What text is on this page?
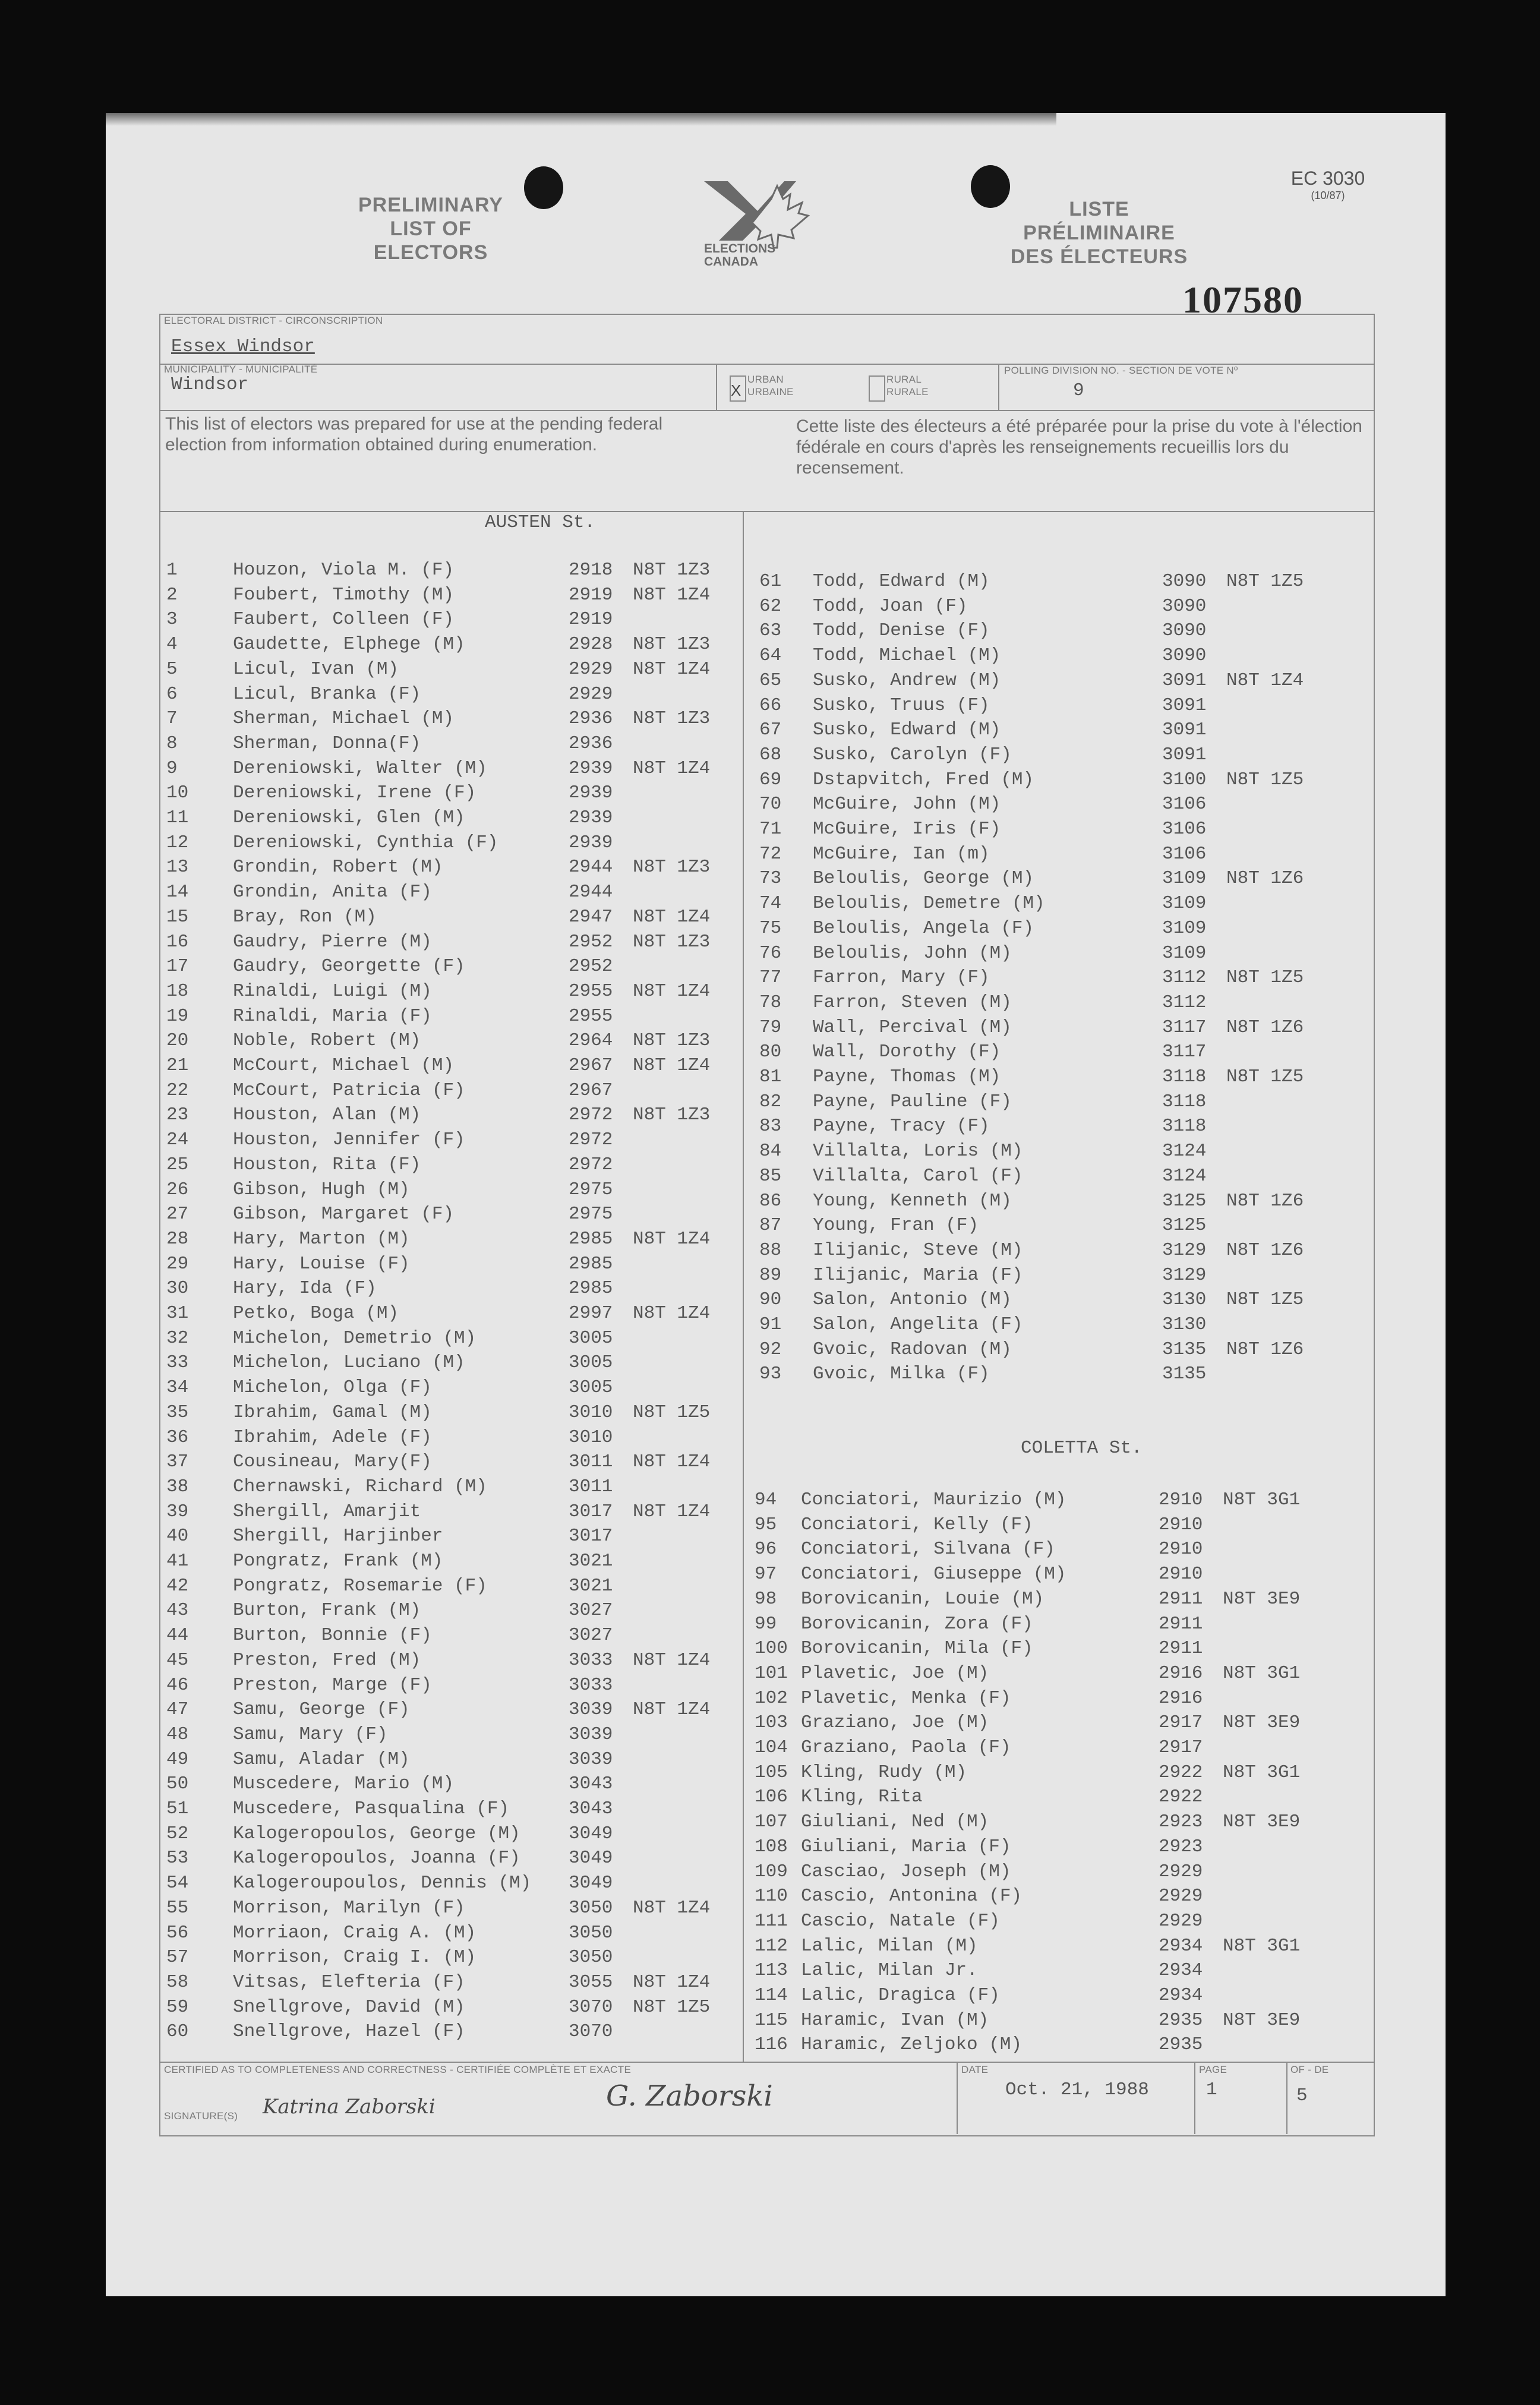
PRELIMINARY
LIST OF
ELECTORS
LISTE
PRÉLIMINAIRE
DES ÉLECTEURS
ELECTIONS
CANADA
EC 3030
(10/87)
107580
ELECTORAL DISTRICT - CIRCONSCRIPTION
Essex Windsor
MUNICIPALITY - MUNICIPALITÉ
Windsor	X
URBAN
URBAINE
RURAL
RURALE
POLLING DIVISION NO. - SECTION DE VOTE Nº
9
This list of electors was prepared for use at the pending federal election from information obtained during enumeration.
Cette liste des électeurs a été préparée pour la prise du vote à l'élection fédérale en cours d'après les renseignements recueillis lors du recensement.
AUSTEN St.
COLETTA St.
1	Houzon, Viola M. (F)	2918 N8T 1Z3
2	Foubert, Timothy (M)	2919 N8T 1Z4
3	Faubert, Colleen (F)	2919
4	Gaudette, Elphege (M)	2928 N8T 1Z3
5	Licul, Ivan (M)	2929 N8T 1Z4
6	Licul, Branka (F)	2929
7	Sherman, Michael (M)	2936 N8T 1Z3
8	Sherman, Donna(F)	2936
9	Dereniowski, Walter (M)	2939 N8T 1Z4
10 Dereniowski, Irene (F)	2939
11 Dereniowski, Glen (M)	2939
12 Dereniowski, Cynthia (F)	2939
13 Grondin, Robert (M)	2944 N8T 1Z3
14 Grondin, Anita (F)	2944
15 Bray, Ron (M)	2947 N8T 1Z4
16 Gaudry, Pierre (M)	2952 N8T 1Z3
17 Gaudry, Georgette (F)	2952
18 Rinaldi, Luigi (M)	2955 N8T 1Z4
19 Rinaldi, Maria (F)	2955
20 Noble, Robert (M)	2964 N8T 1Z3
21 McCourt, Michael (M)	2967 N8T 1Z4
22 McCourt, Patricia (F)	2967
23 Houston, Alan (M)	2972 N8T 1Z3
24 Houston, Jennifer (F)	2972
25 Houston, Rita (F)	2972
26 Gibson, Hugh (M)	2975
27 Gibson, Margaret (F)	2975
28 Hary, Marton (M)	2985 N8T 1Z4
29 Hary, Louise (F)	2985
30 Hary, Ida (F)	2985
31 Petko, Boga (M)	2997 N8T 1Z4
32 Michelon, Demetrio (M)	3005
33 Michelon, Luciano (M)	3005
34 Michelon, Olga (F)	3005
35 Ibrahim, Gamal (M)	3010 N8T 1Z5
36 Ibrahim, Adele (F)	3010
37 Cousineau, Mary(F)	3011 N8T 1Z4
38 Chernawski, Richard (M)	3011
39 Shergill, Amarjit	3017 N8T 1Z4
40 Shergill, Harjinber	3017
41 Pongratz, Frank (M)	3021
42 Pongratz, Rosemarie (F)	3021
43 Burton, Frank (M)	3027
44 Burton, Bonnie (F)	3027
45 Preston, Fred (M)	3033 N8T 1Z4
46 Preston, Marge (F)	3033
47 Samu, George (F)	3039 N8T 1Z4
48 Samu, Mary (F)	3039
49 Samu, Aladar (M)	3039
50 Muscedere, Mario (M)	3043
51 Muscedere, Pasqualina (F)	3043
52 Kalogeropoulos, George (M)	3049
53 Kalogeropoulos, Joanna (F)	3049
54 Kalogeroupoulos, Dennis (M) 3049
55 Morrison, Marilyn (F)	3050 N8T 1Z4
56 Morriaon, Craig A. (M)	3050
57 Morrison, Craig I. (M)	3050
58 Vitsas, Elefteria (F)	3055 N8T 1Z4
59 Snellgrove, David (M)	3070 N8T 1Z5
60 Snellgrove, Hazel (F)	3070
61 Todd, Edward (M)	3090 N8T 1Z5
62 Todd, Joan (F)	3090
63 Todd, Denise (F)	3090
64 Todd, Michael (M)	3090
65 Susko, Andrew (M)	3091 N8T 1Z4
66 Susko, Truus (F)	3091
67 Susko, Edward (M)	3091
68 Susko, Carolyn (F)	3091
69 Dstapvitch, Fred (M)	3100 N8T 1Z5
70 McGuire, John (M)	3106
71 McGuire, Iris (F)	3106
72 McGuire, Ian (m)	3106
73 Beloulis, George (M)	3109 N8T 1Z6
74 Beloulis, Demetre (M)	3109
75 Beloulis, Angela (F)	3109
76 Beloulis, John (M)	3109
77 Farron, Mary (F)	3112 N8T 1Z5
78 Farron, Steven (M)	3112
79 Wall, Percival (M)	3117 N8T 1Z6
80 Wall, Dorothy (F)	3117
81 Payne, Thomas (M)	3118 N8T 1Z5
82 Payne, Pauline (F)	3118
83 Payne, Tracy (F)	3118
84 Villalta, Loris (M)	3124
85 Villalta, Carol (F)	3124
86 Young, Kenneth (M)	3125 N8T 1Z6
87 Young, Fran (F)	3125
88 Ilijanic, Steve (M)	3129 N8T 1Z6
89 Ilijanic, Maria (F)	3129
90 Salon, Antonio (M)	3130 N8T 1Z5
91 Salon, Angelita (F)	3130
92 Gvoic, Radovan (M)	3135 N8T 1Z6
93 Gvoic, Milka (F)	3135
94 Conciatori, Maurizio (M)	2910 N8T 3G1
95 Conciatori, Kelly (F)	2910
96 Conciatori, Silvana (F)	2910
97 Conciatori, Giuseppe (M)	2910
98 Borovicanin, Louie (M)	2911 N8T 3E9
99 Borovicanin, Zora (F)	2911
100 Borovicanin, Mila (F)	2911
101 Plavetic, Joe (M)	2916 N8T 3G1
102 Plavetic, Menka (F)	2916
103 Graziano, Joe (M)	2917 N8T 3E9
104 Graziano, Paola (F)	2917
105 Kling, Rudy (M)	2922 N8T 3G1
106 Kling, Rita	2922
107 Giuliani, Ned (M)	2923 N8T 3E9
108 Giuliani, Maria (F)	2923
109 Casciao, Joseph (M)	2929
110 Cascio, Antonina (F)	2929
111 Cascio, Natale (F)	2929
112 Lalic, Milan (M)	2934 N8T 3G1
113 Lalic, Milan Jr.	2934
114 Lalic, Dragica (F)	2934
115 Haramic, Ivan (M)	2935 N8T 3E9
116 Haramic, Zeljoko (M)	2935
CERTIFIED AS TO COMPLETENESS AND CORRECTNESS - CERTIFIÉE COMPLÈTE ET EXACTE
SIGNATURE(S) Katrina Zaborski	G. Zaborski
DATE
Oct. 21, 1988
PAGE
1
OF - DE
5
